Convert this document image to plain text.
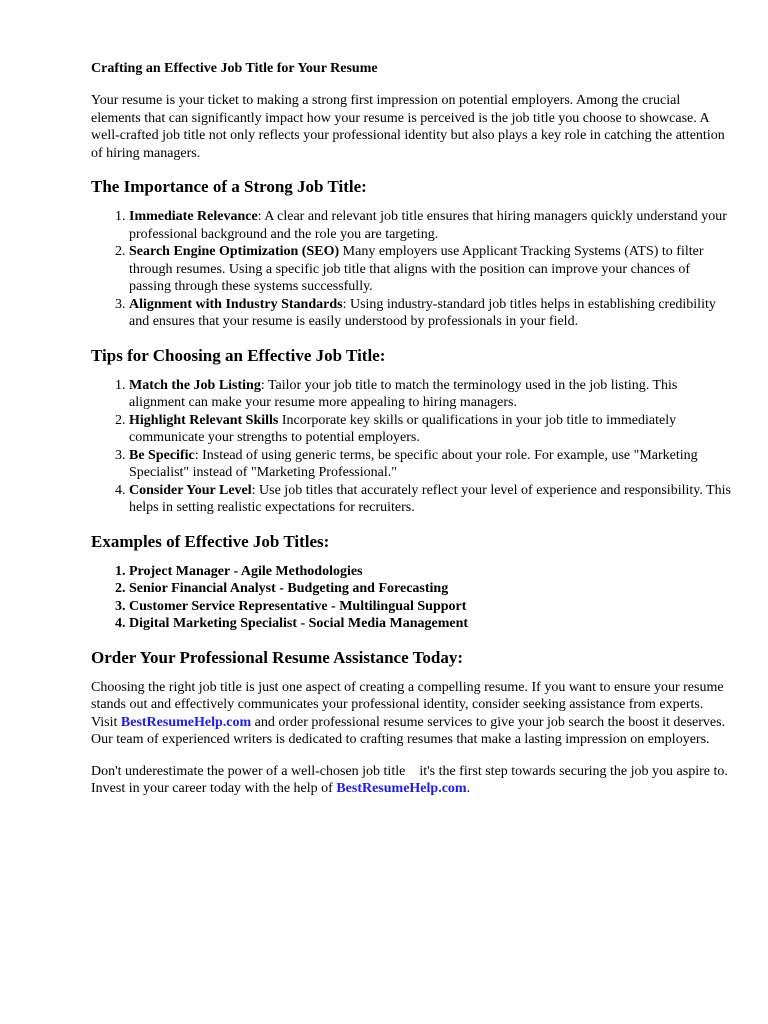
Crafting an Effective Job Title for Your Resume

Your resume is your ticket to making a strong first impression on potential employers. Among the crucial elements that can significantly impact how your resume is perceived is the job title you choose to showcase. A well-crafted job title not only reflects your professional identity but also plays a key role in catching the attention of hiring managers.

The Importance of a Strong Job Title:
1. Immediate Relevance: A clear and relevant job title ensures that hiring managers quickly understand your professional background and the role you are targeting.
2. Search Engine Optimization (SEO) Many employers use Applicant Tracking Systems (ATS) to filter through resumes. Using a specific job title that aligns with the position can improve your chances of passing through these systems successfully.
3. Alignment with Industry Standards: Using industry-standard job titles helps in establishing credibility and ensures that your resume is easily understood by professionals in your field.
Tips for Choosing an Effective Job Title:
1. Match the Job Listing: Tailor your job title to match the terminology used in the job listing. This alignment can make your resume more appealing to hiring managers.
2. Highlight Relevant Skills Incorporate key skills or qualifications in your job title to immediately communicate your strengths to potential employers.
3. Be Specific: Instead of using generic terms, be specific about your role. For example, use "Marketing Specialist" instead of "Marketing Professional."
4. Consider Your Level: Use job titles that accurately reflect your level of experience and responsibility. This helps in setting realistic expectations for recruiters.
Examples of Effective Job Titles:
1. Project Manager - Agile Methodologies
2. Senior Financial Analyst - Budgeting and Forecasting
3. Customer Service Representative - Multilingual Support
4. Digital Marketing Specialist - Social Media Management
Order Your Professional Resume Assistance Today:

Choosing the right job title is just one aspect of creating a compelling resume. If you want to ensure your resume stands out and effectively communicates your professional identity, consider seeking assistance from experts. Visit BestResumeHelp.com and order professional resume services to give your job search the boost it deserves. Our team of experienced writers is dedicated to crafting resumes that make a lasting impression on employers.

Don't underestimate the power of a well-chosen job title it's the first step towards securing the job you aspire to. Invest in your career today with the help of BestResumeHelp.com.
